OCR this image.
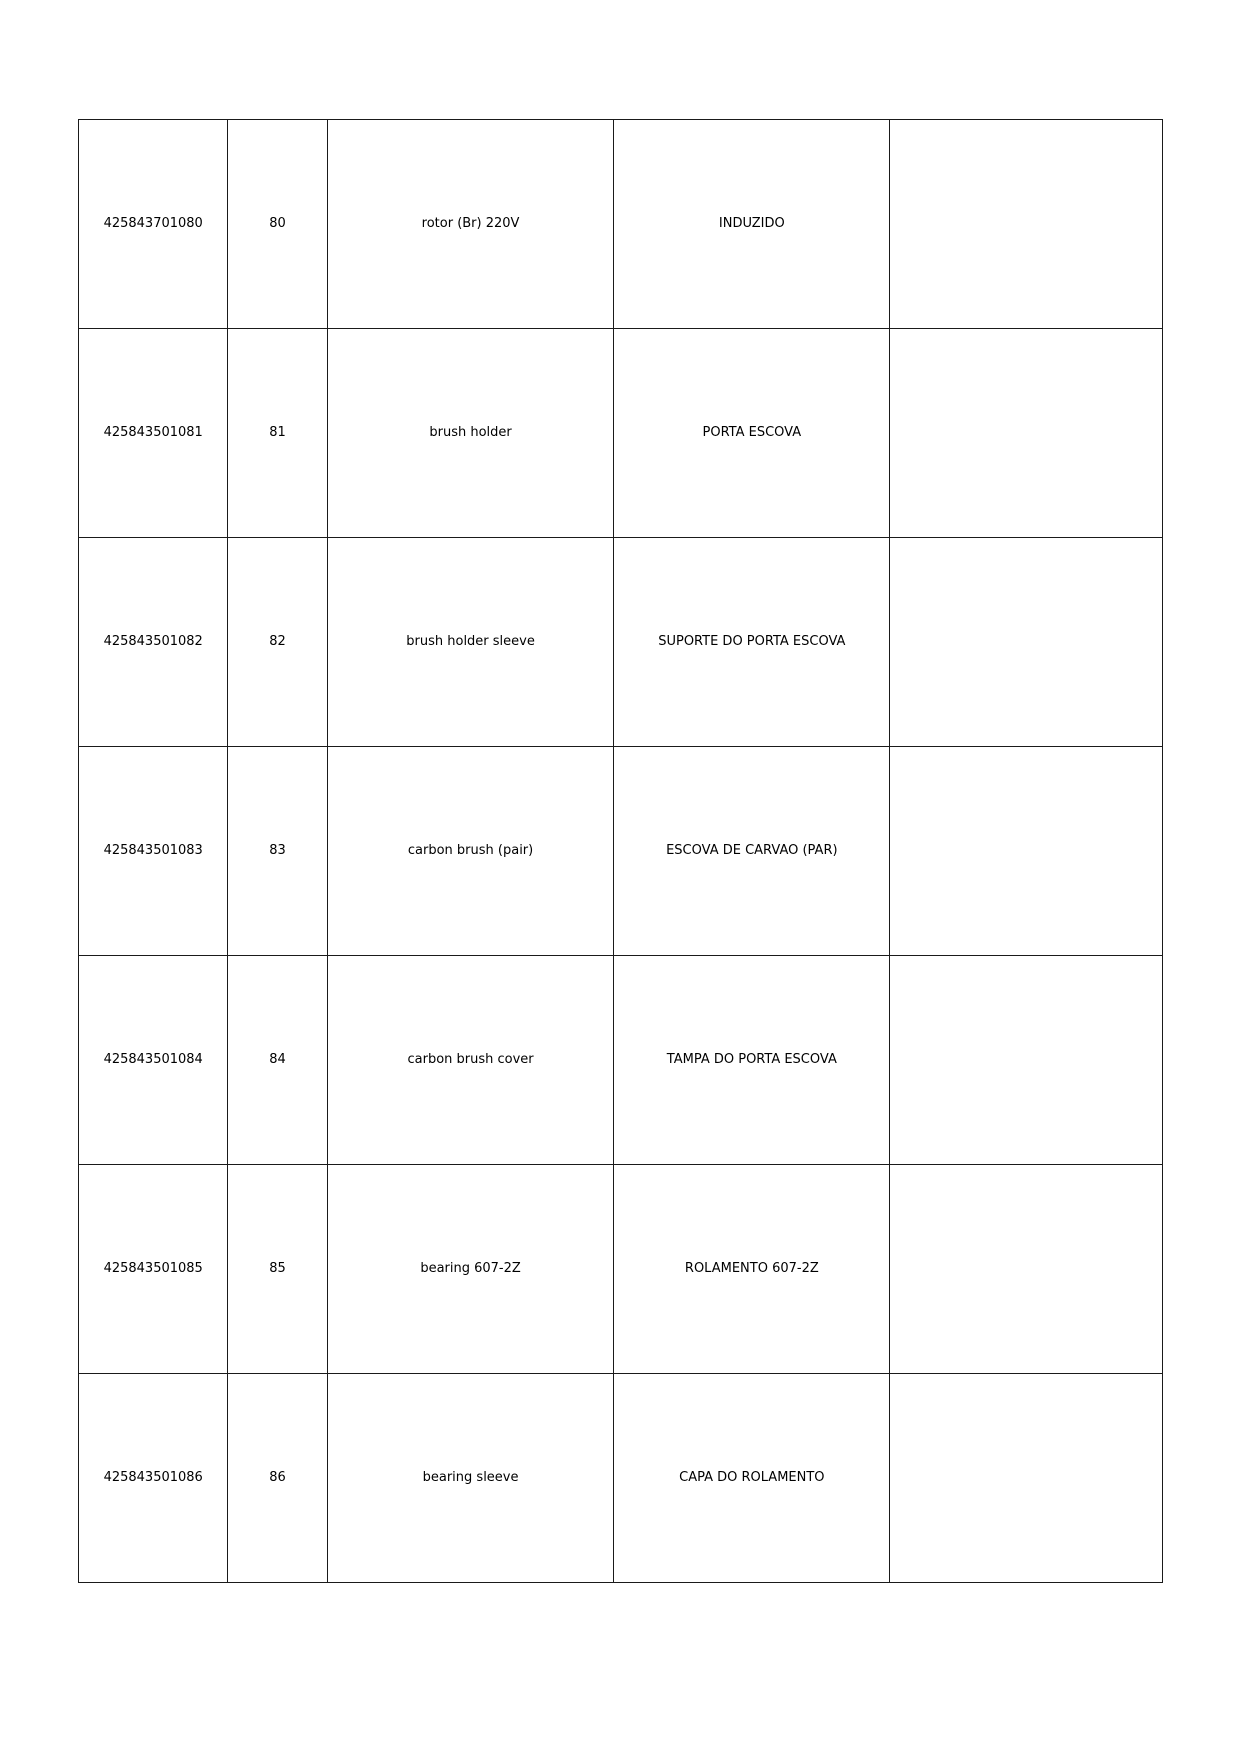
425843701080	80	rotor (Br) 220V	INDUZIDO	
425843501081	81	brush holder	PORTA ESCOVA	
425843501082	82	brush holder sleeve	SUPORTE DO PORTA ESCOVA	
425843501083	83	carbon brush (pair)	ESCOVA DE CARVAO (PAR)	
425843501084	84	carbon brush cover	TAMPA DO PORTA ESCOVA	
425843501085	85	bearing 607-2Z	ROLAMENTO 607-2Z	
425843501086	86	bearing sleeve	CAPA DO ROLAMENTO	
